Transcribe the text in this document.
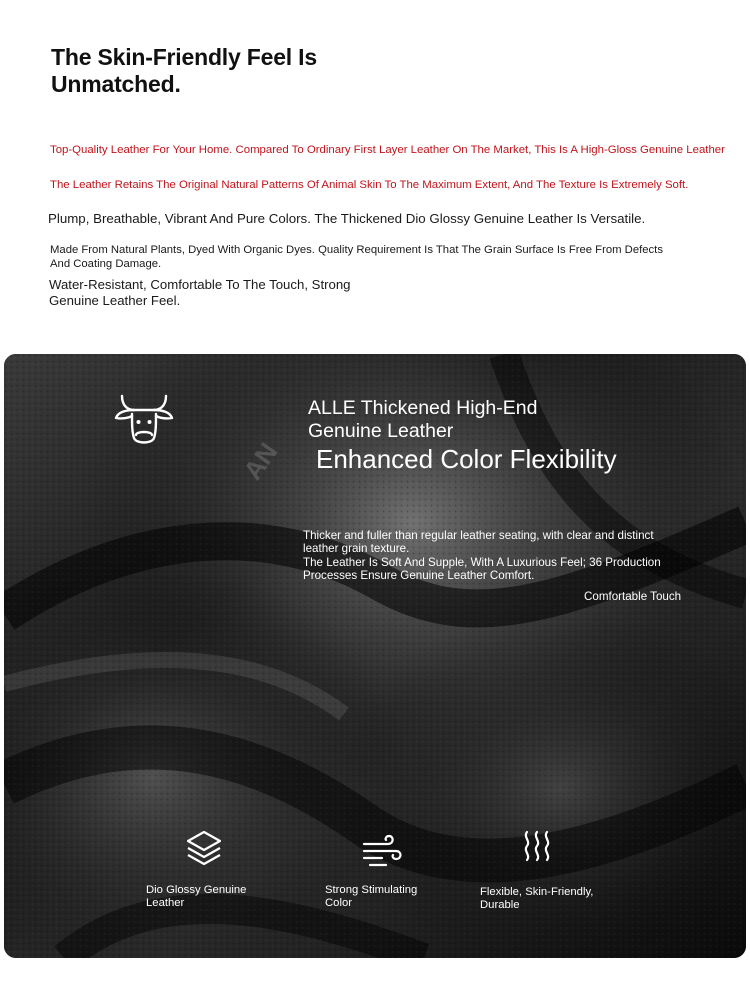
The Skin-Friendly Feel Is
Unmatched.
Top-Quality Leather For Your Home. Compared To Ordinary First Layer Leather On The Market, This Is A High-Gloss Genuine Leather
The Leather Retains The Original Natural Patterns Of Animal Skin To The Maximum Extent, And The Texture Is Extremely Soft.
Plump, Breathable, Vibrant And Pure Colors. The Thickened Dio Glossy Genuine Leather Is Versatile.
Made From Natural Plants, Dyed With Organic Dyes. Quality Requirement Is That The Grain Surface Is Free From Defects And Coating Damage.
Water-Resistant, Comfortable To The Touch, Strong Genuine Leather Feel.
ALLE Thickened High-End
Genuine Leather
Enhanced Color Flexibility

Thicker and fuller than regular leather seating, with clear and distinct leather grain texture.

The Leather Is Soft And Supple, With A Luxurious Feel; 36 Production Processes Ensure Genuine Leather Comfort.

Comfortable Touch
Dio Glossy Genuine Leather
Strong Stimulating Color
Flexible, Skin-Friendly, Durable
